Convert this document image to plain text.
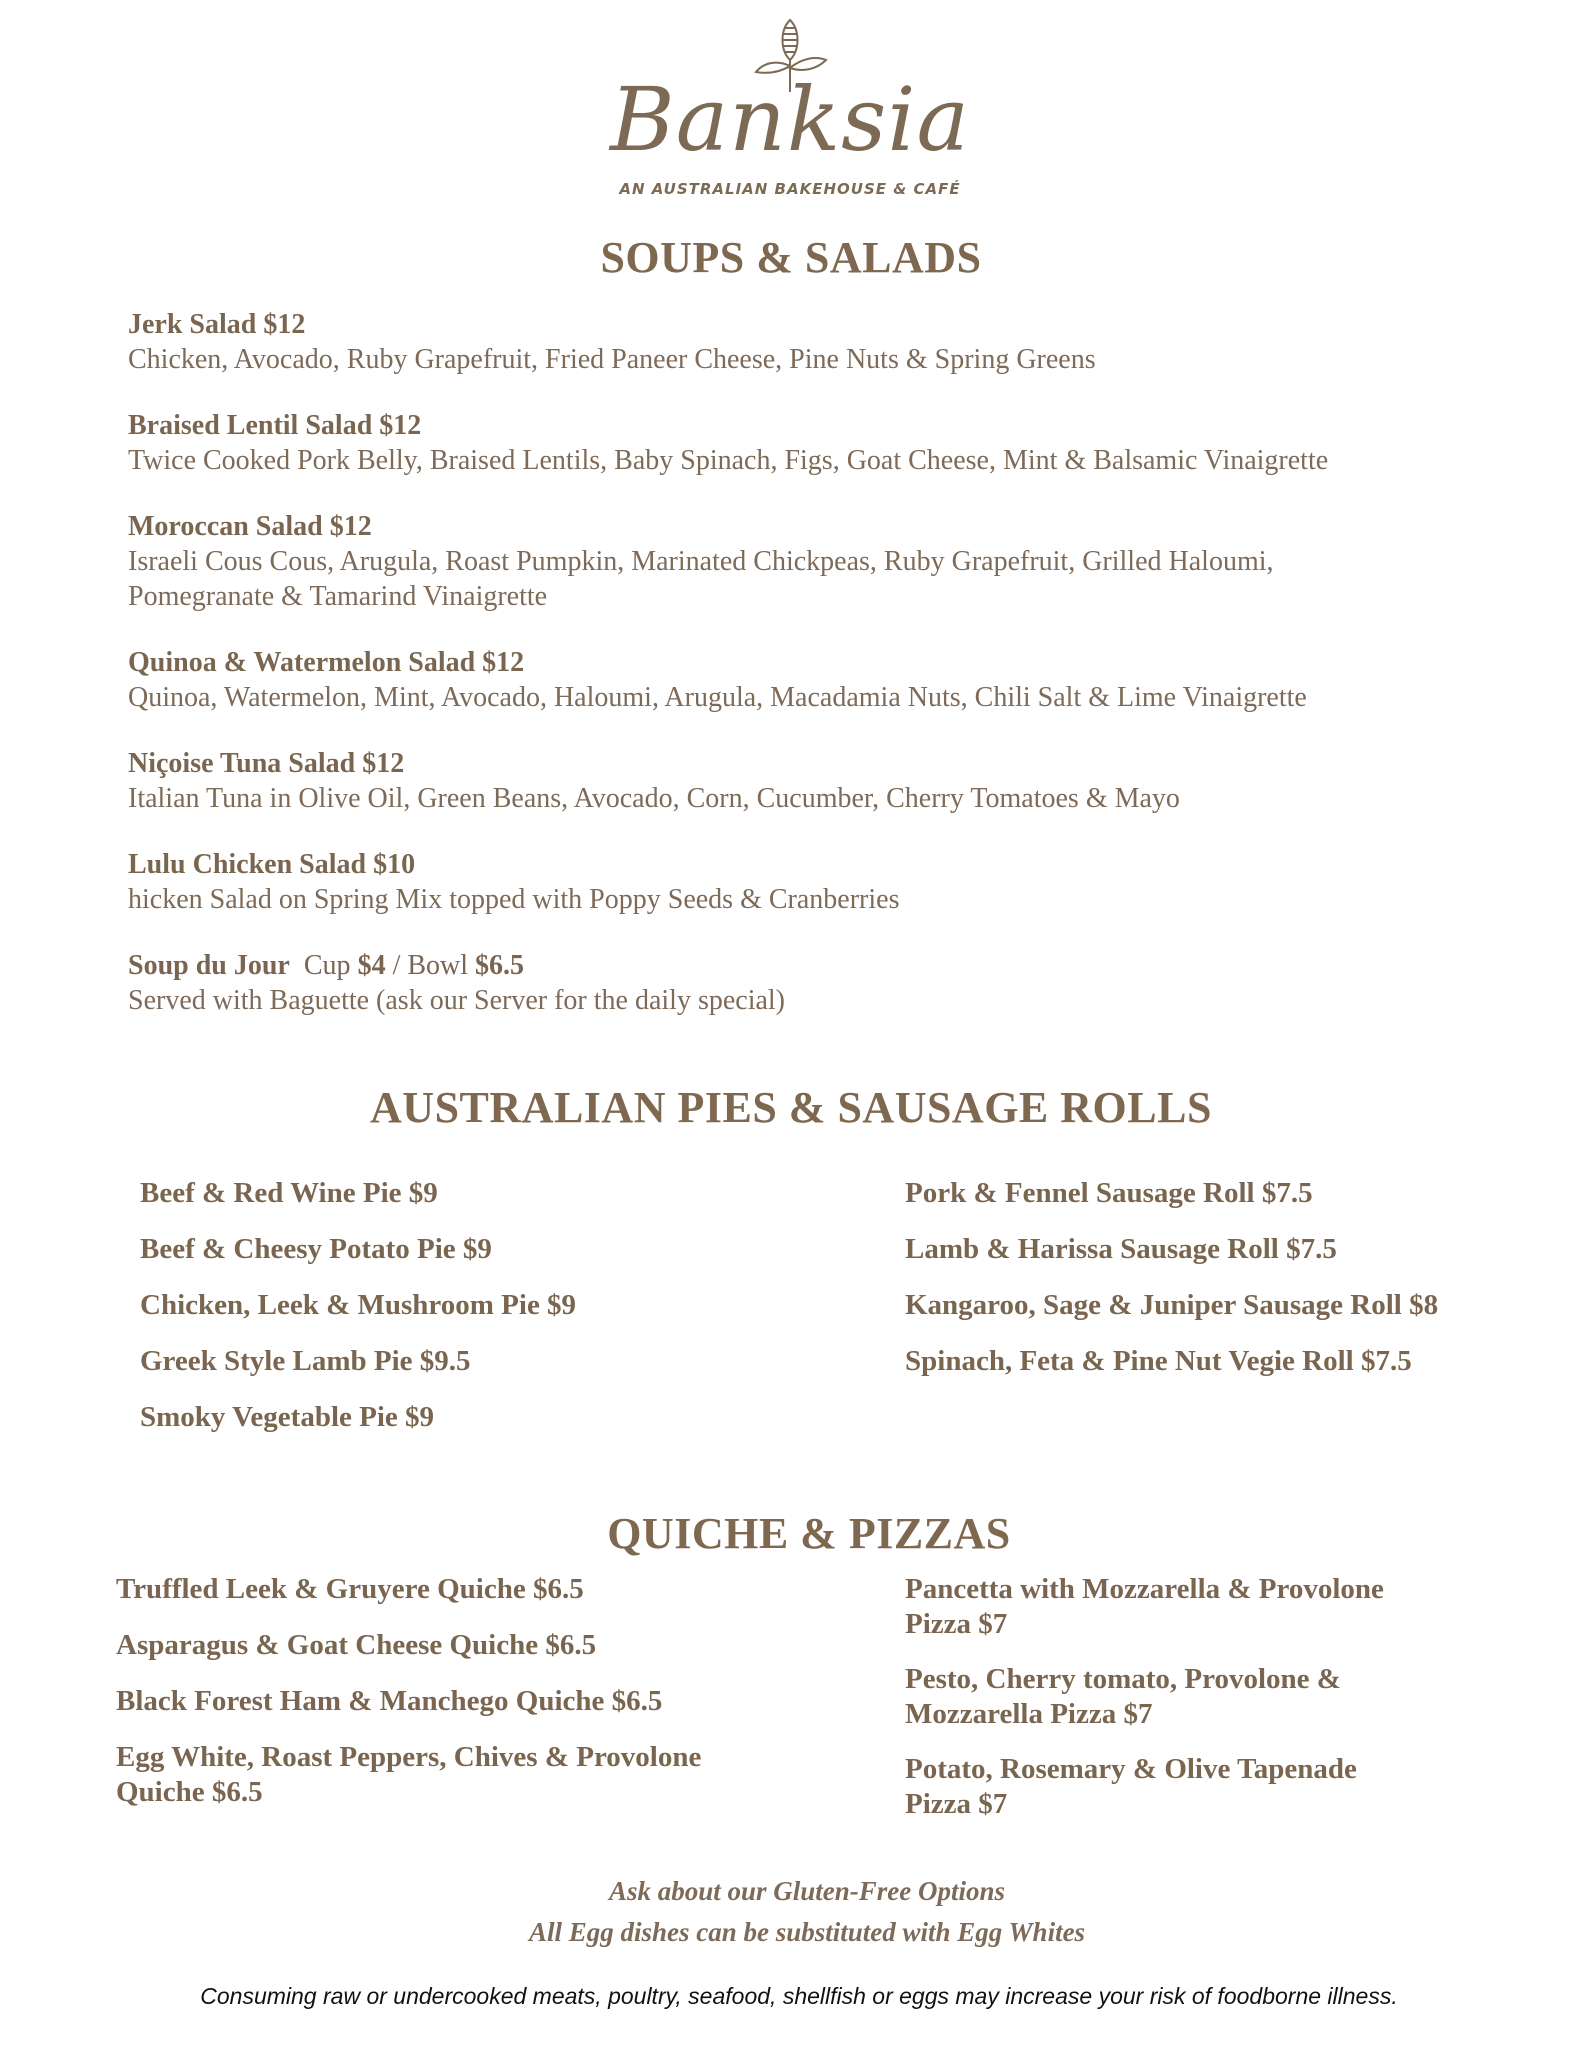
Banksia
AN AUSTRALIAN BAKEHOUSE & CAFÉ
SOUPS & SALADS
Jerk Salad $12
Chicken, Avocado, Ruby Grapefruit, Fried Paneer Cheese, Pine Nuts & Spring Greens
Braised Lentil Salad $12
Twice Cooked Pork Belly, Braised Lentils, Baby Spinach, Figs, Goat Cheese, Mint & Balsamic Vinaigrette
Moroccan Salad $12
Israeli Cous Cous, Arugula, Roast Pumpkin, Marinated Chickpeas, Ruby Grapefruit, Grilled Haloumi,
Pomegranate & Tamarind Vinaigrette
Quinoa & Watermelon Salad $12
Quinoa, Watermelon, Mint, Avocado, Haloumi, Arugula, Macadamia Nuts, Chili Salt & Lime Vinaigrette
Niçoise Tuna Salad $12
Italian Tuna in Olive Oil, Green Beans, Avocado, Corn, Cucumber, Cherry Tomatoes & Mayo
Lulu Chicken Salad $10
hicken Salad on Spring Mix topped with Poppy Seeds & Cranberries
Soup du Jour Cup $4 / Bowl $6.5
Served with Baguette (ask our Server for the daily special)
AUSTRALIAN PIES & SAUSAGE ROLLS
Beef & Red Wine Pie $9
Beef & Cheesy Potato Pie $9
Chicken, Leek & Mushroom Pie $9
Greek Style Lamb Pie $9.5
Smoky Vegetable Pie $9
Pork & Fennel Sausage Roll $7.5
Lamb & Harissa Sausage Roll $7.5
Kangaroo, Sage & Juniper Sausage Roll $8
Spinach, Feta & Pine Nut Vegie Roll $7.5
QUICHE & PIZZAS
Truffled Leek & Gruyere Quiche $6.5
Asparagus & Goat Cheese Quiche $6.5
Black Forest Ham & Manchego Quiche $6.5
Egg White, Roast Peppers, Chives & Provolone
Quiche $6.5
Pancetta with Mozzarella & Provolone
Pizza $7
Pesto, Cherry tomato, Provolone &
Mozzarella Pizza $7
Potato, Rosemary & Olive Tapenade
Pizza $7
Ask about our Gluten-Free Options
All Egg dishes can be substituted with Egg Whites
Consuming raw or undercooked meats, poultry, seafood, shellfish or eggs may increase your risk of foodborne illness.
